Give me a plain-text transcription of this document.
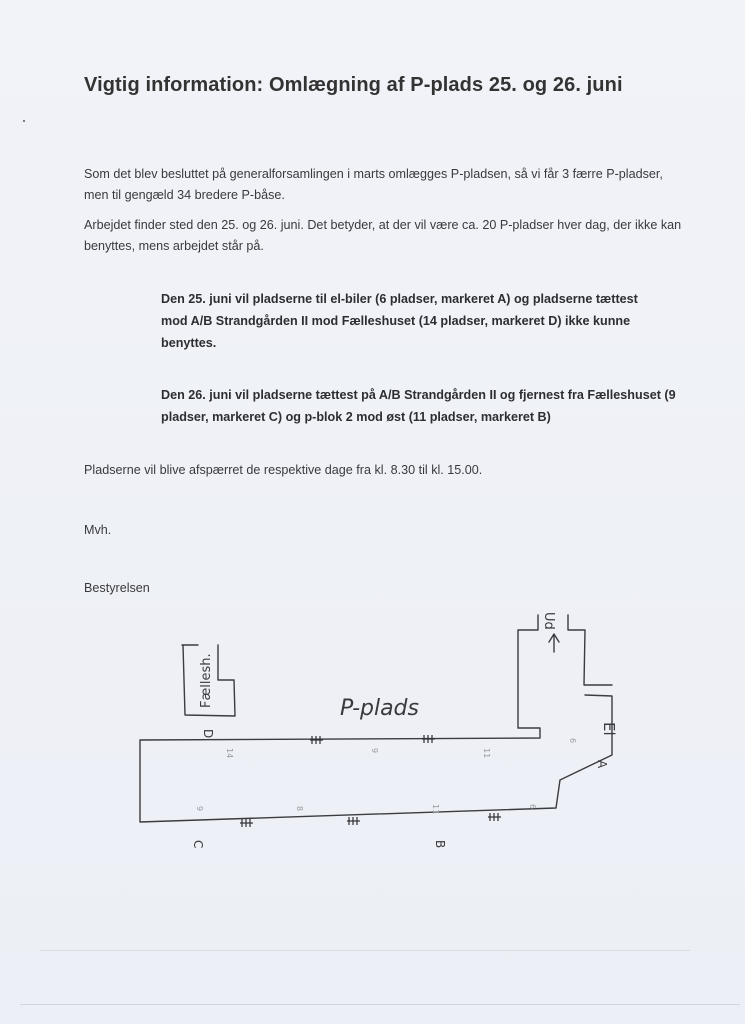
Vigtig information: Omlægning af P-plads 25. og 26. juni
Som det blev besluttet på generalforsamlingen i marts omlægges P-pladsen, så vi får 3 færre P-pladser, men til gengæld 34 bredere P-båse.
Arbejdet finder sted den 25. og 26. juni. Det betyder, at der vil være ca. 20 P-pladser hver dag, der ikke kan benyttes, mens arbejdet står på.
Den 25. juni vil pladserne til el-biler (6 pladser, markeret A) og pladserne tættest mod A/B Strandgården II mod Fælleshuset (14 pladser, markeret D) ikke kunne benyttes.
Den 26. juni vil pladserne tættest på A/B Strandgården II og fjernest fra Fælleshuset (9 pladser, markeret C) og p-blok 2 mod øst (11 pladser, markeret B)
Pladserne vil blive afspærret de respektive dage fra kl. 8.30 til kl. 15.00.
Mvh.
Bestyrelsen
P-plads
Fællesh.
Ud
El
D
A
C	B
14	9	11
9	8	11	6
6
